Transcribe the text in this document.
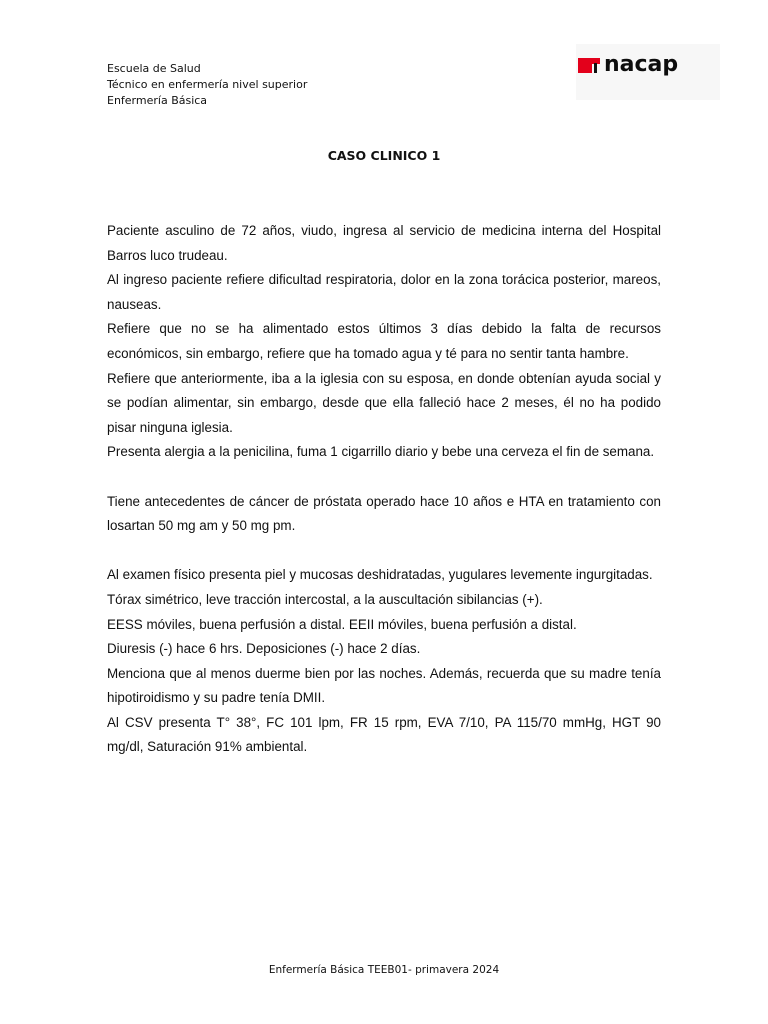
Escuela de Salud
Técnico en enfermería nivel superior
Enfermería Básica
nacap
CASO CLINICO 1

Paciente asculino de 72 años, viudo, ingresa al servicio de medicina interna del Hospital Barros luco trudeau.

Al ingreso paciente refiere dificultad respiratoria, dolor en la zona torácica posterior, mareos, nauseas.

Refiere que no se ha alimentado estos últimos 3 días debido la falta de recursos económicos, sin embargo, refiere que ha tomado agua y té para no sentir tanta hambre.

Refiere que anteriormente, iba a la iglesia con su esposa, en donde obtenían ayuda social y se podían alimentar, sin embargo, desde que ella falleció hace 2 meses, él no ha podido pisar ninguna iglesia.

Presenta alergia a la penicilina, fuma 1 cigarrillo diario y bebe una cerveza el fin de semana.

Tiene antecedentes de cáncer de próstata operado hace 10 años e HTA en tratamiento con losartan 50 mg am y 50 mg pm.

Al examen físico presenta piel y mucosas deshidratadas, yugulares levemente ingurgitadas.

Tórax simétrico, leve tracción intercostal, a la auscultación sibilancias (+).

EESS móviles, buena perfusión a distal. EEII móviles, buena perfusión a distal.

Diuresis (-) hace 6 hrs. Deposiciones (-) hace 2 días.

Menciona que al menos duerme bien por las noches. Además, recuerda que su madre tenía hipotiroidismo y su padre tenía DMII.

Al CSV presenta T° 38°, FC 101 lpm, FR 15 rpm, EVA 7/10, PA 115/70 mmHg, HGT 90 mg/dl, Saturación 91% ambiental.

Enfermería Básica TEEB01- primavera 2024
